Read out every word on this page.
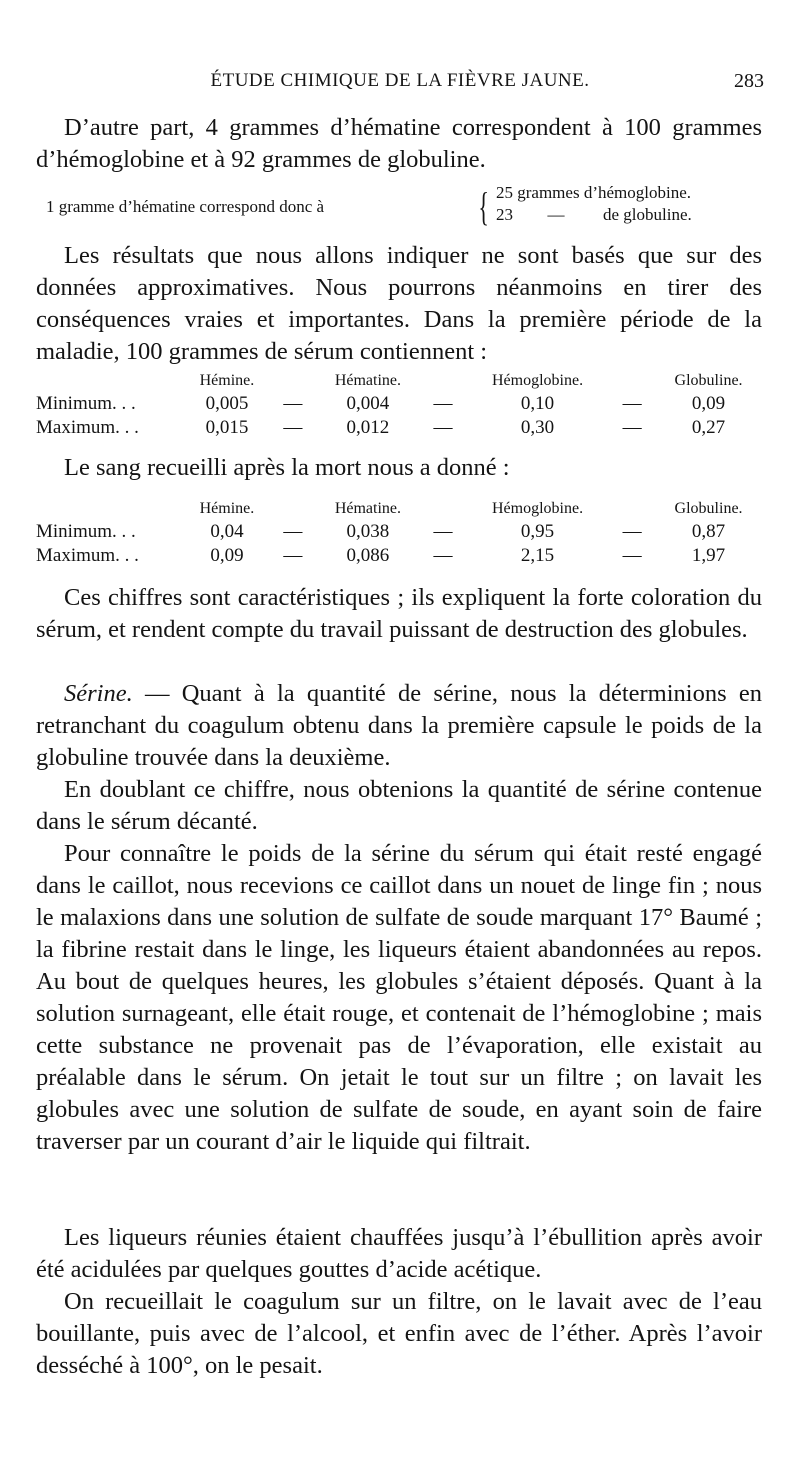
ÉTUDE CHIMIQUE DE LA FIÈVRE JAUNE.	283

D’autre part, 4 grammes d’hématine correspondent à 100 grammes d’hémoglobine et à 92 grammes de globuline.

1 gramme d’hématine correspond donc à	{ 25 grammes d’hémoglobine.
23 — de globuline.

Les résultats que nous allons indiquer ne sont basés que sur des données approximatives. Nous pourrons néanmoins en tirer des conséquences vraies et importantes. Dans la première période de la maladie, 100 grammes de sérum contiennent :

	Hémine.		Hématine.		Hémoglobine.		Globuline.
Minimum. . .	0,005	—	0,004	—	0,10	—	0,09
Maximum. . .	0,015	—	0,012	—	0,30	—	0,27

Le sang recueilli après la mort nous a donné :

	Hémine.		Hématine.		Hémoglobine.		Globuline.
Minimum. . .	0,04	—	0,038	—	0,95	—	0,87
Maximum. . .	0,09	—	0,086	—	2,15	—	1,97

Ces chiffres sont caractéristiques ; ils expliquent la forte coloration du sérum, et rendent compte du travail puissant de destruction des globules.

Sérine. — Quant à la quantité de sérine, nous la déterminions en retranchant du coagulum obtenu dans la première capsule le poids de la globuline trouvée dans la deuxième.

En doublant ce chiffre, nous obtenions la quantité de sérine contenue dans le sérum décanté.

Pour connaître le poids de la sérine du sérum qui était resté engagé dans le caillot, nous recevions ce caillot dans un nouet de linge fin ; nous le malaxions dans une solution de sulfate de soude marquant 17° Baumé ; la fibrine restait dans le linge, les liqueurs étaient abandonnées au repos. Au bout de quelques heures, les globules s’étaient déposés. Quant à la solution surnageant, elle était rouge, et contenait de l’hémoglobine ; mais cette substance ne provenait pas de l’évaporation, elle existait au préalable dans le sérum. On jetait le tout sur un filtre ; on lavait les globules avec une solution de sulfate de soude, en ayant soin de faire traverser par un courant d’air le liquide qui filtrait.

Les liqueurs réunies étaient chauffées jusqu’à l’ébullition après avoir été acidulées par quelques gouttes d’acide acétique.

On recueillait le coagulum sur un filtre, on le lavait avec de l’eau bouillante, puis avec de l’alcool, et enfin avec de l’éther. Après l’avoir desséché à 100°, on le pesait.
